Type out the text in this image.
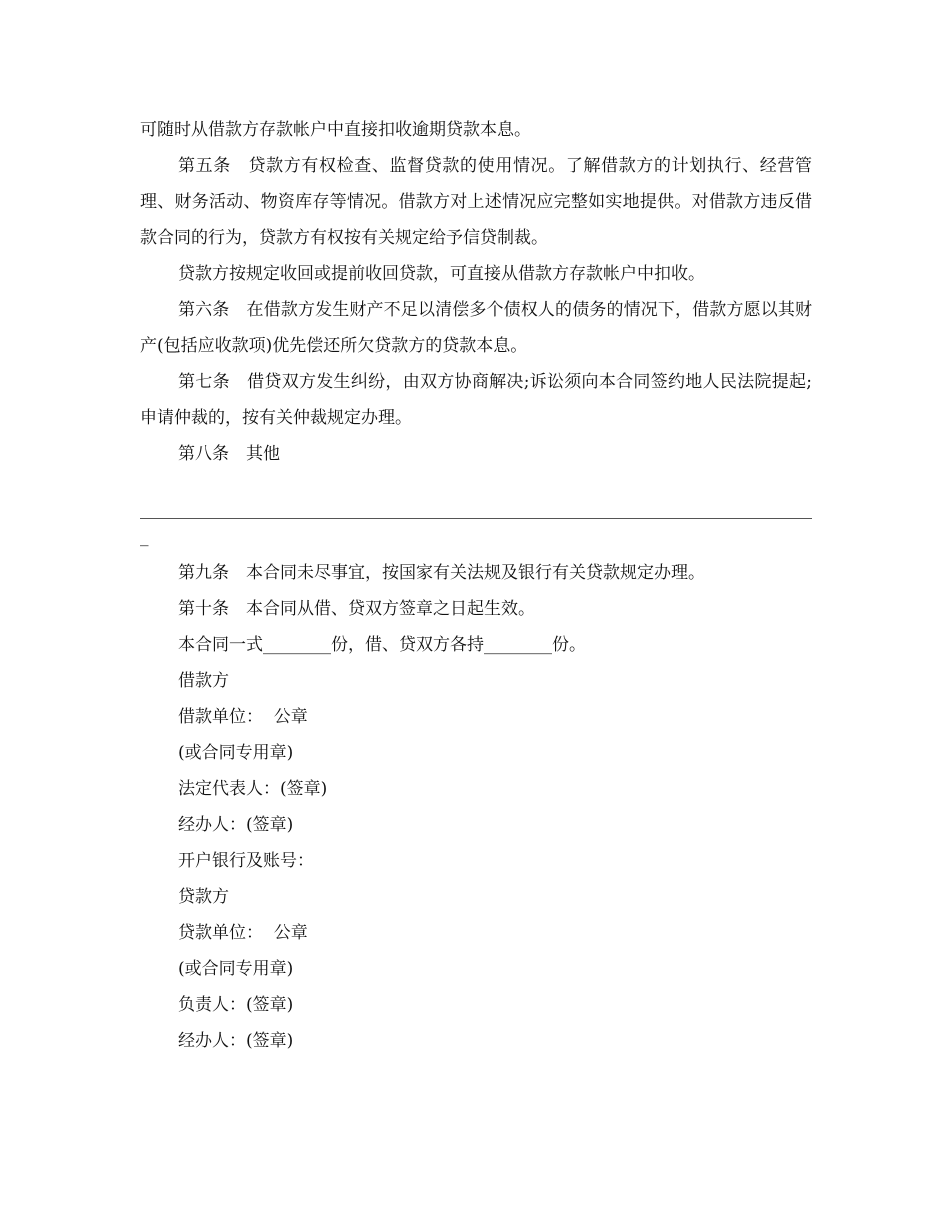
可随时从借款方存款帐户中直接扣收逾期贷款本息。

第五条　贷款方有权检查、监督贷款的使用情况。了解借款方的计划执行、经营管理、财务活动、物资库存等情况。借款方对上述情况应完整如实地提供。对借款方违反借款合同的行为，贷款方有权按有关规定给予信贷制裁。

贷款方按规定收回或提前收回贷款，可直接从借款方存款帐户中扣收。

第六条　在借款方发生财产不足以清偿多个债权人的债务的情况下，借款方愿以其财产(包括应收款项)优先偿还所欠贷款方的贷款本息。

第七条　借贷双方发生纠纷，由双方协商解决;诉讼须向本合同签约地人民法院提起;申请仲裁的，按有关仲裁规定办理。

第八条　其他

_

第九条　本合同未尽事宜，按国家有关法规及银行有关贷款规定办理。

第十条　本合同从借、贷双方签章之日起生效。

本合同一式________份，借、贷双方各持________份。

借款方

借款单位：  公章

(或合同专用章)

法定代表人：(签章)

经办人：(签章)

开户银行及账号：

贷款方

贷款单位：  公章

(或合同专用章)

负责人：(签章)

经办人：(签章)
